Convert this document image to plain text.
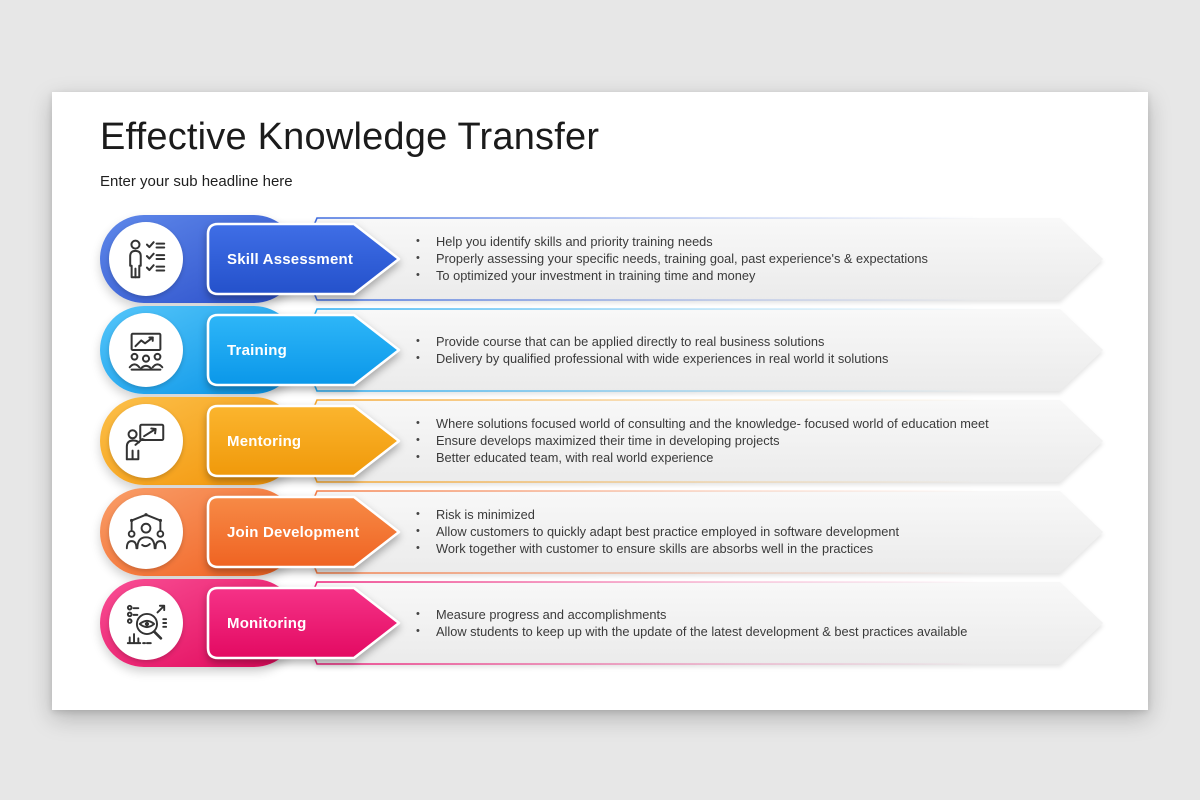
Effective Knowledge Transfer
Enter your sub headline here
Skill Assessment
•	Help you identify skills and priority training needs
•	Properly assessing your specific needs, training goal, past experience's & expectations
•	To optimized your investment in training time and money
Training
•	Provide course that can be applied directly to real business solutions
•	Delivery by qualified professional with wide experiences in real world it solutions
Mentoring
•	Where solutions focused world of consulting and the knowledge- focused world of education meet
•	Ensure develops maximized their time in developing projects
•	Better educated team, with real world experience
Join Development
•	Risk is minimized
•	Allow customers to quickly adapt best practice employed in software development
•	Work together with customer to ensure skills are absorbs well in the practices
Monitoring
•	Measure progress and accomplishments
•	Allow students to keep up with the update of the latest development & best practices available
